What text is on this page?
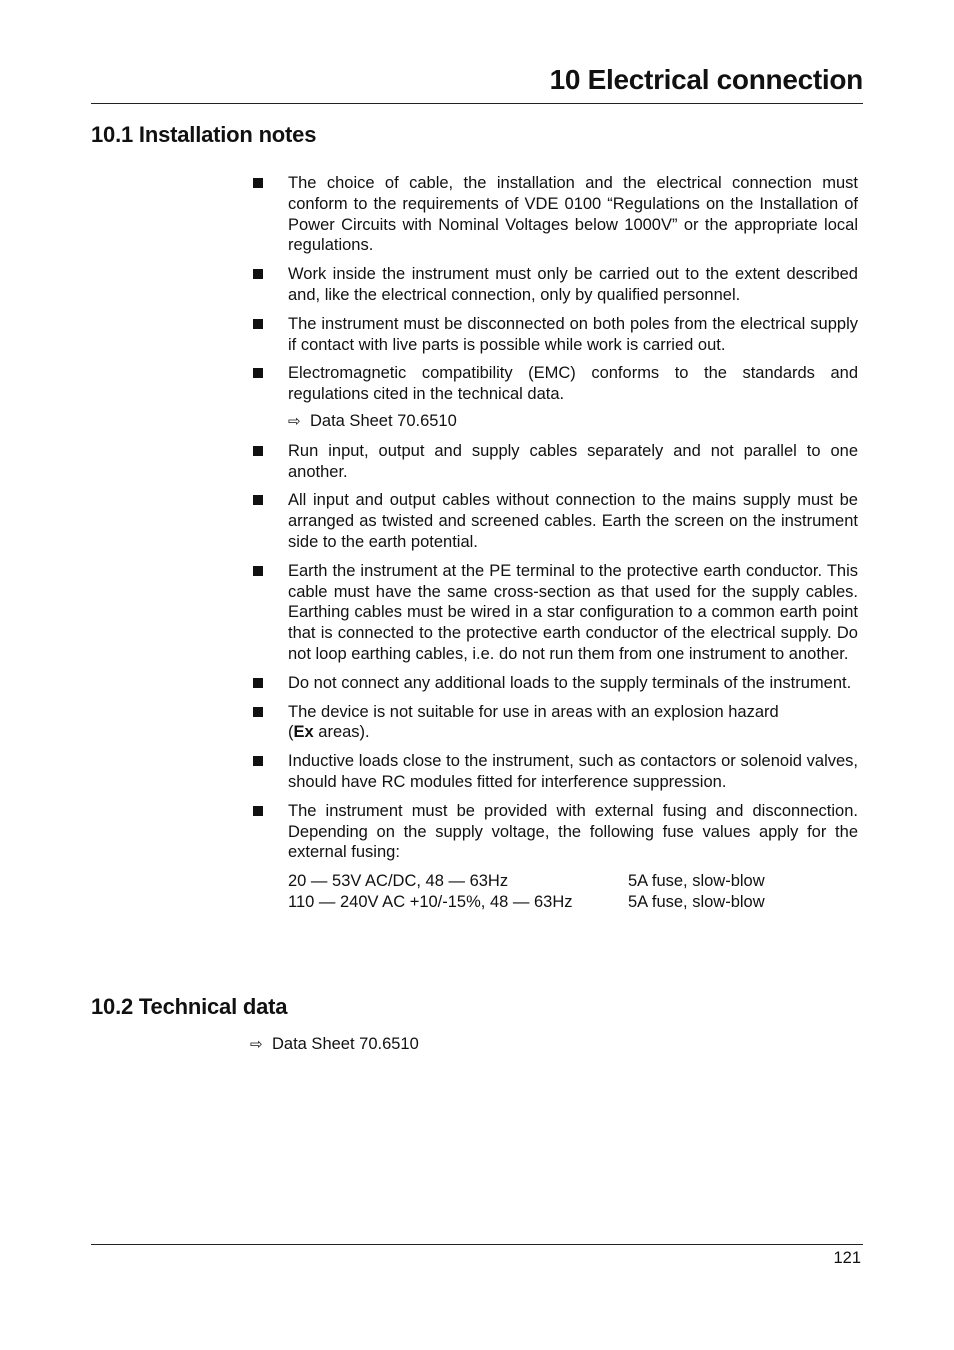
10 Electrical connection
10.1 Installation notes
The choice of cable, the installation and the electrical connection must conform to the requirements of VDE 0100 “Regulations on the Installation of Power Circuits with Nominal Voltages below 1000V” or the appropriate local regulations.
Work inside the instrument must only be carried out to the extent described and, like the electrical connection, only by qualified personnel.
The instrument must be disconnected on both poles from the electrical supply if contact with live parts is possible while work is carried out.
Electromagnetic compatibility (EMC) conforms to the standards and regulations cited in the technical data.
⇨ Data Sheet 70.6510
Run input, output and supply cables separately and not parallel to one another.
All input and output cables without connection to the mains supply must be arranged as twisted and screened cables. Earth the screen on the instrument side to the earth potential.
Earth the instrument at the PE terminal to the protective earth conductor. This cable must have the same cross-section as that used for the supply cables. Earthing cables must be wired in a star configuration to a common earth point that is connected to the protective earth conductor of the electrical supply. Do not loop earthing cables, i.e. do not run them from one instrument to another.
Do not connect any additional loads to the supply terminals of the instrument.
The device is not suitable for use in areas with an explosion hazard
(Ex areas).
Inductive loads close to the instrument, such as contactors or solenoid valves, should have RC modules fitted for interference suppression.
The instrument must be provided with external fusing and disconnection. Depending on the supply voltage, the following fuse values apply for the external fusing:
20 — 53V AC/DC, 48 — 63Hz	5A fuse, slow-blow
110 — 240V AC +10/-15%, 48 — 63Hz	5A fuse, slow-blow
10.2 Technical data
⇨ Data Sheet 70.6510
121
